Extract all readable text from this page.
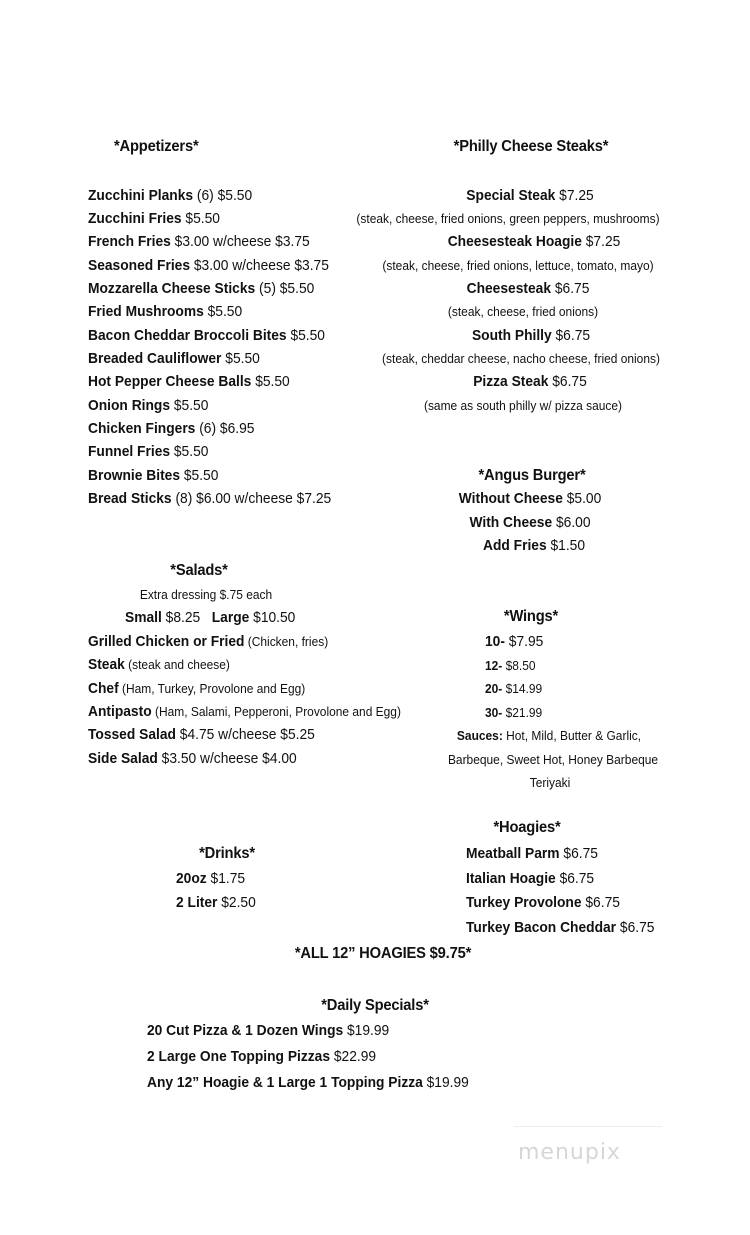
*Appetizers*
Zucchini Planks (6) $5.50
Zucchini Fries $5.50
French Fries $3.00 w/cheese $3.75
Seasoned Fries $3.00 w/cheese $3.75
Mozzarella Cheese Sticks (5) $5.50
Fried Mushrooms $5.50
Bacon Cheddar Broccoli Bites $5.50
Breaded Cauliflower $5.50
Hot Pepper Cheese Balls $5.50
Onion Rings $5.50
Chicken Fingers (6) $6.95
Funnel Fries $5.50
Brownie Bites $5.50
Bread Sticks (8) $6.00 w/cheese $7.25
*Philly Cheese Steaks*
Special Steak $7.25
(steak, cheese, fried onions, green peppers, mushrooms)
Cheesesteak Hoagie $7.25
(steak, cheese, fried onions, lettuce, tomato, mayo)
Cheesesteak $6.75
(steak, cheese, fried onions)
South Philly $6.75
(steak, cheddar cheese, nacho cheese, fried onions)
Pizza Steak $6.75
(same as south philly w/ pizza sauce)
*Angus Burger*
Without Cheese $5.00
With Cheese $6.00
Add Fries $1.50
*Salads*
Extra dressing $.75 each
Small $8.25 Large $10.50
Grilled Chicken or Fried (Chicken, fries)
Steak (steak and cheese)
Chef (Ham, Turkey, Provolone and Egg)
Antipasto (Ham, Salami, Pepperoni, Provolone and Egg)
Tossed Salad $4.75 w/cheese $5.25
Side Salad $3.50 w/cheese $4.00
*Wings*
10- $7.95
12- $8.50
20- $14.99
30- $21.99
Sauces: Hot, Mild, Butter & Garlic,
Barbeque, Sweet Hot, Honey Barbeque
Teriyaki
*Hoagies*
Meatball Parm $6.75
Italian Hoagie $6.75
Turkey Provolone $6.75
Turkey Bacon Cheddar $6.75
*Drinks*
20oz $1.75
2 Liter $2.50
*ALL 12” HOAGIES $9.75*
*Daily Specials*
20 Cut Pizza & 1 Dozen Wings $19.99
2 Large One Topping Pizzas $22.99
Any 12” Hoagie & 1 Large 1 Topping Pizza $19.99
menupix
